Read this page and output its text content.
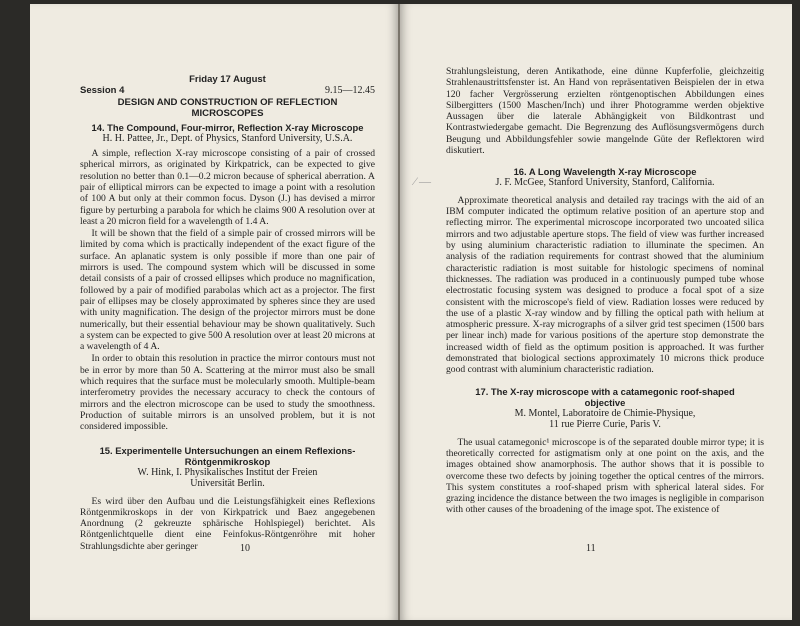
Friday 17 August
Session 4	9.15—12.45
DESIGN AND CONSTRUCTION OF REFLECTION MICROSCOPES
14. The Compound, Four-mirror, Reflection X-ray Microscope
H. H. Pattee, Jr., Dept. of Physics, Stanford University, U.S.A.

A simple, reflection X-ray microscope consisting of a pair of crossed spherical mirrors, as originated by Kirkpatrick, can be expected to give resolution no better than 0.1—0.2 micron because of spherical aberration. A pair of elliptical mirrors can be expected to image a point with a resolution of 100 A but only at their common focus. Dyson (J.) has devised a mirror figure by perturbing a parabola for which he claims 900 A resolution over at least a 20 micron field for a wavelength of 1.4 A.

It will be shown that the field of a simple pair of crossed mirrors will be limited by coma which is practically independent of the exact figure of the surface. An aplanatic system is only possible if more than one pair of mirrors is used. The compound system which will be discussed in some detail consists of a pair of crossed ellipses which produce no magnification, followed by a pair of modified parabolas which act as a projector. The first pair of ellipses may be closely approximated by spheres since they are used with unity magnification. The design of the projector mirrors must be done numerically, but their essential behaviour may be shown qualitatively. Such a system can be expected to give 500 A resolution over at least 20 microns at a wavelength of 4 A.

In order to obtain this resolution in practice the mirror contours must not be in error by more than 50 A. Scattering at the mirror must also be small which requires that the surface must be molecularly smooth. Multiple-beam interferometry provides the necessary accuracy to check the contours of mirrors and the electron microscope can be used to study the smoothness. Production of suitable mirrors is an unsolved problem, but it is not considered impossible.

15. Experimentelle Untersuchungen an einem Reflexions-Röntgenmikroskop
W. Hink, I. Physikalisches Institut der Freien
Universität Berlin.

Es wird über den Aufbau und die Leistungsfähigkeit eines Reflexions Röntgenmikroskops in der von Kirkpatrick und Baez angegebenen Anordnung (2 gekreuzte sphärische Hohlspiegel) berichtet. Als Röntgenlichtquelle dient eine Feinfokus-Röntgenröhre mit hoher Strahlungsdichte aber geringer	10
⁄ —

Strahlungsleistung, deren Antikathode, eine dünne Kupferfolie, gleichzeitig Strahlenaustrittsfenster ist. An Hand von repräsentativen Beispielen der in etwa 120 facher Vergrösserung erzielten röntgenoptischen Abbildungen eines Silbergitters (1500 Maschen/Inch) und ihrer Photogramme werden objektive Aussagen über die laterale Abhängigkeit von Bildkontrast und Kontrastwiedergabe gemacht. Die Begrenzung des Auflösungsvermögens durch Beugung und Abbildungsfehler sowie mangelnde Güte der Reflektoren wird diskutiert.

16. A Long Wavelength X-ray Microscope
J. F. McGee, Stanford University, Stanford, California.

Approximate theoretical analysis and detailed ray tracings with the aid of an IBM computer indicated the optimum relative position of an aperture stop and reflecting mirror. The experimental microscope incorporated two uncoated silica mirrors and two adjustable aperture stops. The field of view was further increased by using aluminium characteristic radiation to illuminate the specimen. An analysis of the radiation requirements for contrast showed that the aluminium characteristic radiation is most suitable for histologic specimens of nominal thicknesses. The radiation was produced in a continuously pumped tube whose electrostatic focusing system was designed to produce a focal spot of a size consistent with the microscope's field of view. Radiation losses were reduced by the use of a plastic X-ray window and by filling the optical path with helium at atmospheric pressure. X-ray micrographs of a silver grid test specimen (1500 bars per linear inch) made for various positions of the aperture stop demonstrate the increased width of field as the optimum position is approached. It was further demonstrated that biological sections approximately 10 microns thick produce good contrast with aluminium characteristic radiation.

17. The X-ray microscope with a catamegonic roof-shaped objective
M. Montel, Laboratoire de Chimie-Physique,
11 rue Pierre Curie, Paris V.

The usual catamegonic¹ microscope is of the separated double mirror type; it is theoretically corrected for astigmatism only at one point on the axis, and the images obtained show anamorphosis. The author shows that it is possible to overcome these two defects by joining together the optical centres of the mirrors. This system constitutes a roof-shaped prism with spherical lateral sides. For grazing incidence the distance between the two images is negligible in comparison with other causes of the broadening of the image spot. The existence of

11
